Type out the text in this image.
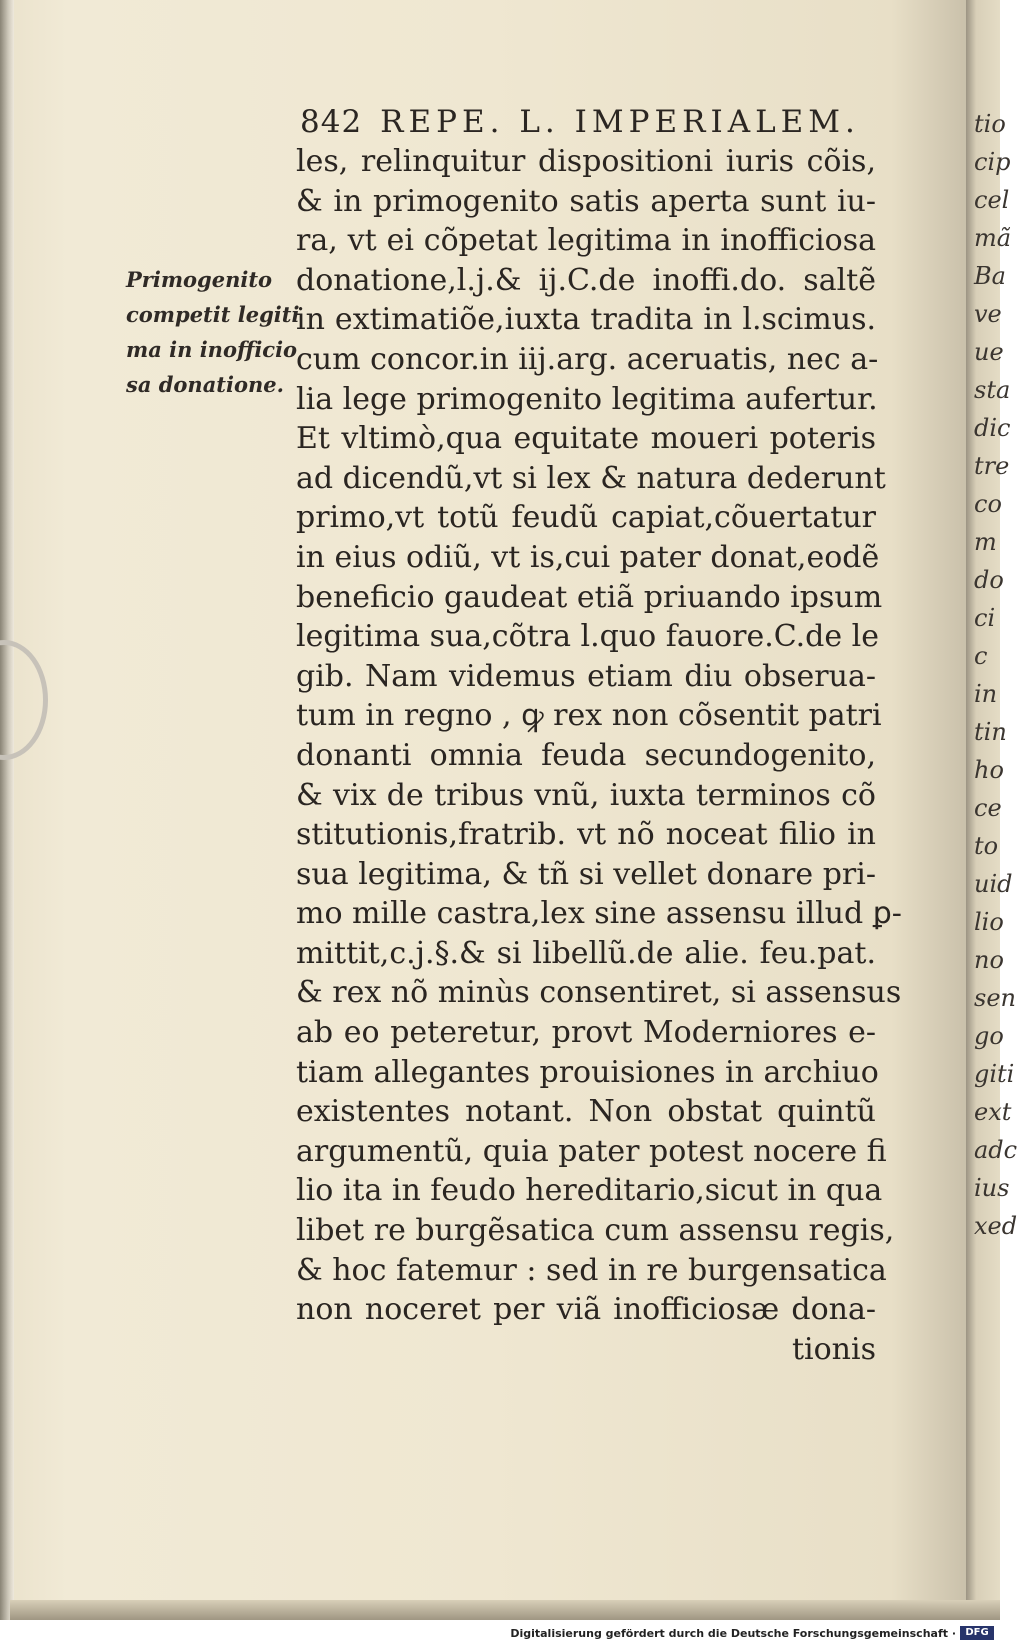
tio
cip
cel
mã
Ba
ve
ue
sta
dic
tre
co
m
do
ci
c
in
tin
ho
ce
to
uid
lio
no
sen
go
giti
ext
adc
ius
xed
842 REPE. L. IMPERIALEM.
Primogenito
competit legiti
ma in inofficio
sa donatione.
les, relinquitur dispositioni iuris cõis,
& in primogenito satis aperta sunt iu-
ra, vt ei cõpetat legitima in inofficiosa
donatione,l.j.& ij.C.de inoffi.do. saltẽ
in extimatiõe,iuxta tradita in l.scimus.
cum concor.in iij.arg. aceruatis, nec a-
lia lege primogenito legitima aufertur.
Et vltimò,qua equitate moueri poteris
ad dicendũ,vt si lex & natura dederunt
primo,vt totũ feudũ capiat,cõuertatur
in eius odiũ, vt is,cui pater donat,eodẽ
beneficio gaudeat etiã priuando ipsum
legitima sua,cõtra l.quo fauore.C.de le
gib. Nam videmus etiam diu obserua-
tum in regno , ꝙ rex non cõsentit patri
donanti omnia feuda secundogenito,
& vix de tribus vnũ, iuxta terminos cõ
stitutionis,fratrib. vt nõ noceat filio in
sua legitima, & tñ si vellet donare pri-
mo mille castra,lex sine assensu illud ꝑ-
mittit,c.j.§.& si libellũ.de alie. feu.pat.
& rex nõ minùs consentiret, si assensus
ab eo peteretur, provt Moderniores e-
tiam allegantes prouisiones in archiuo
existentes notant. Non obstat quintũ
argumentũ, quia pater potest nocere fi
lio ita in feudo hereditario,sicut in qua
libet re burgẽsatica cum assensu regis,
& hoc fatemur : sed in re burgensatica
non noceret per viã inofficiosæ dona-
tionis
Digitalisierung gefördert durch die Deutsche Forschungsgemeinschaft · DFG
